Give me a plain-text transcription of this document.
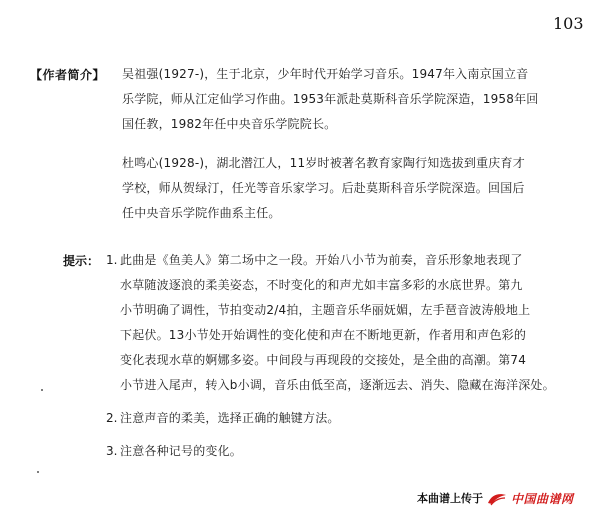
103
【作者简介】 吴祖强(1927-)，生于北京，少年时代开始学习音乐。1947年入南京国立音
乐学院，师从江定仙学习作曲。1953年派赴莫斯科音乐学院深造，1958年回
国任教，1982年任中央音乐学院院长。
杜鸣心(1928-)，湖北潜江人，11岁时被著名教育家陶行知选拔到重庆育才
学校，师从贺绿汀，任光等音乐家学习。后赴莫斯科音乐学院深造。回国后
任中央音乐学院作曲系主任。
提示： 1. 此曲是《鱼美人》第二场中之一段。开始八小节为前奏，音乐形象地表现了
水草随波逐浪的柔美姿态，不时变化的和声尤如丰富多彩的水底世界。第九
小节明确了调性，节拍变动2/4拍，主题音乐华丽妩媚，左手琶音波涛般地上
下起伏。13小节处开始调性的变化使和声在不断地更新，作者用和声色彩的
变化表现水草的婀娜多姿。中间段与再现段的交接处，是全曲的高潮。第74
小节进入尾声，转入b小调，音乐由低至高，逐渐远去、消失、隐藏在海洋深处。
2. 注意声音的柔美，选择正确的触键方法。
3. 注意各种记号的变化。
本曲谱上传于 中国曲谱网
